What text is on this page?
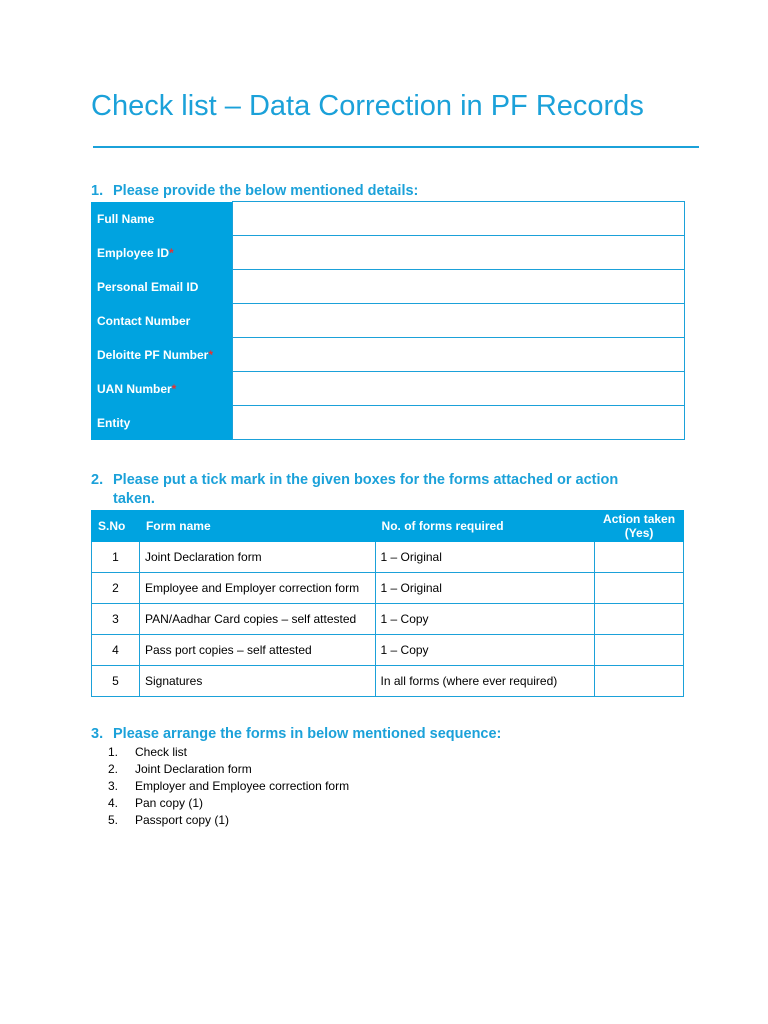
Check list – Data Correction in PF Records
1. Please provide the below mentioned details:
Full Name	
Employee ID*	
Personal Email ID	
Contact Number	
Deloitte PF Number*	
UAN Number*	
Entity	
2. Please put a tick mark in the given boxes for the forms attached or action
taken.
S.No	Form name	No. of forms required	Action taken (Yes)
1	Joint Declaration form	1 – Original	
2	Employee and Employer correction form	1 – Original	
3	PAN/Aadhar Card copies – self attested	1 – Copy	
4	Pass port copies – self attested	1 – Copy	
5	Signatures	In all forms (where ever required)	
3. Please arrange the forms in below mentioned sequence:
1. Check list
2. Joint Declaration form
3. Employer and Employee correction form
4. Pan copy (1)
5. Passport copy (1)
